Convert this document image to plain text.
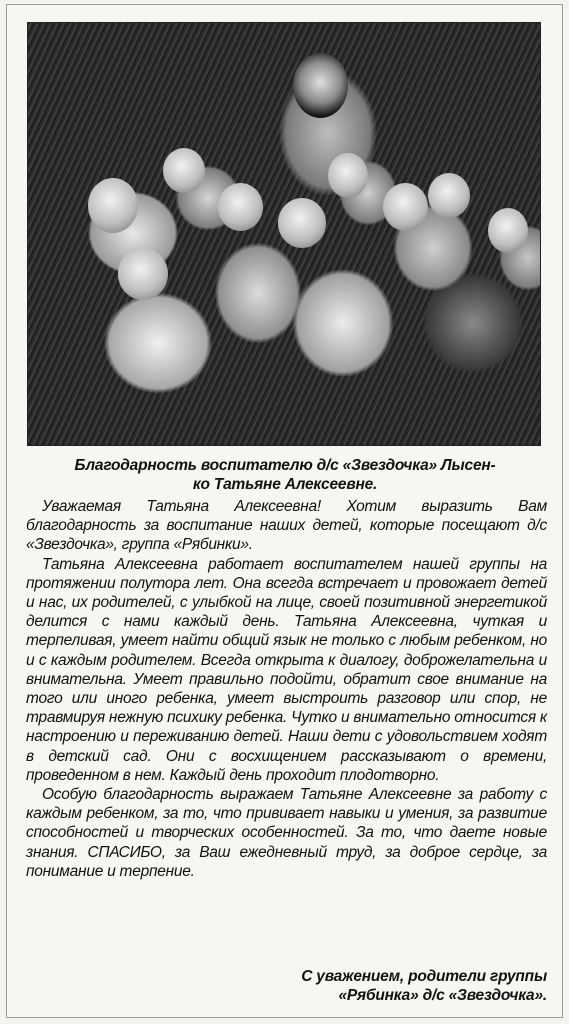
Благодарность воспитателю д/с «Звездочка» Лысен-
ко Татьяне Алексеевне.

Уважаемая Татьяна Алексеевна! Хотим выразить Вам благодарность за воспитание наших детей, которые посещают д/с «Звездочка», группа «Рябинки».

Татьяна Алексеевна работает воспитателем нашей группы на протяжении полутора лет. Она всегда встречает и провожает детей и нас, их родителей, с улыбкой на лице, своей позитивной энергетикой делится с нами каждый день. Татьяна Алексеевна, чуткая и терпеливая, умеет найти общий язык не только с любым ребенком, но и с каждым родителем. Всегда открыта к диалогу, доброжелательна и внимательна. Умеет правильно подойти, обратит свое внимание на того или иного ребенка, умеет выстроить разговор или спор, не травмируя нежную психику ребенка. Чутко и внимательно относится к настроению и переживанию детей. Наши дети с удовольствием ходят в детский сад. Они с восхищением рассказывают о времени, проведенном в нем. Каждый день проходит плодотворно.

Особую благодарность выражаем Татьяне Алексеевне за работу с каждым ребенком, за то, что прививает навыки и умения, за развитие способностей и творческих особенностей. За то, что даете новые знания. СПАСИБО, за Ваш ежедневный труд, за доброе сердце, за понимание и терпение.

С уважением, родители группы
«Рябинка» д/с «Звездочка».
